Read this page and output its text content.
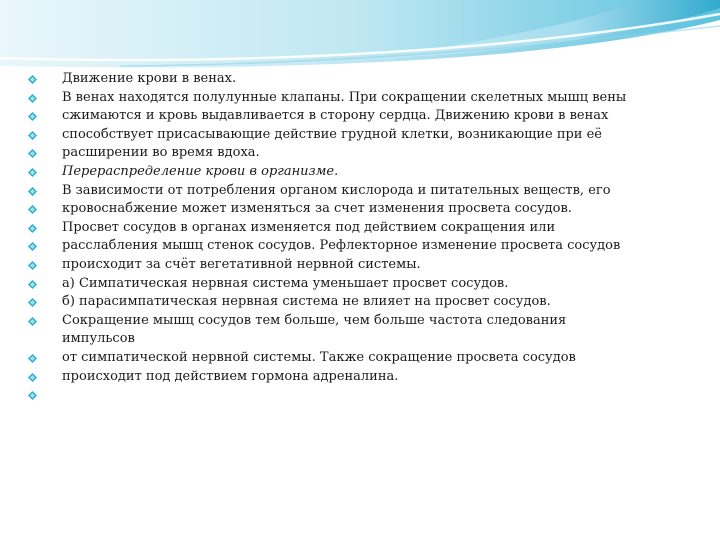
Движение крови в венах.
В венах находятся полулунные клапаны. При сокращении скелетных мышц вены
сжимаются и кровь выдавливается в сторону сердца. Движению крови в венах
способствует присасывающие действие грудной клетки, возникающие при её
расширении во время вдоха.
Перераспределение крови в организме.
В зависимости от потребления органом кислорода и питательных веществ, его
кровоснабжение может изменяться за счет изменения просвета сосудов.
Просвет сосудов в органах изменяется под действием сокращения или
расслабления мышц стенок сосудов. Рефлекторное изменение просвета сосудов
происходит за счёт вегетативной нервной системы.
а) Симпатическая нервная система уменьшает просвет сосудов.
б) парасимпатическая нервная система не влияет на просвет сосудов.
Сокращение мышц сосудов тем больше, чем больше частота следования импульсов
от симпатической нервной системы. Также сокращение просвета сосудов
происходит под действием гормона адреналина.
